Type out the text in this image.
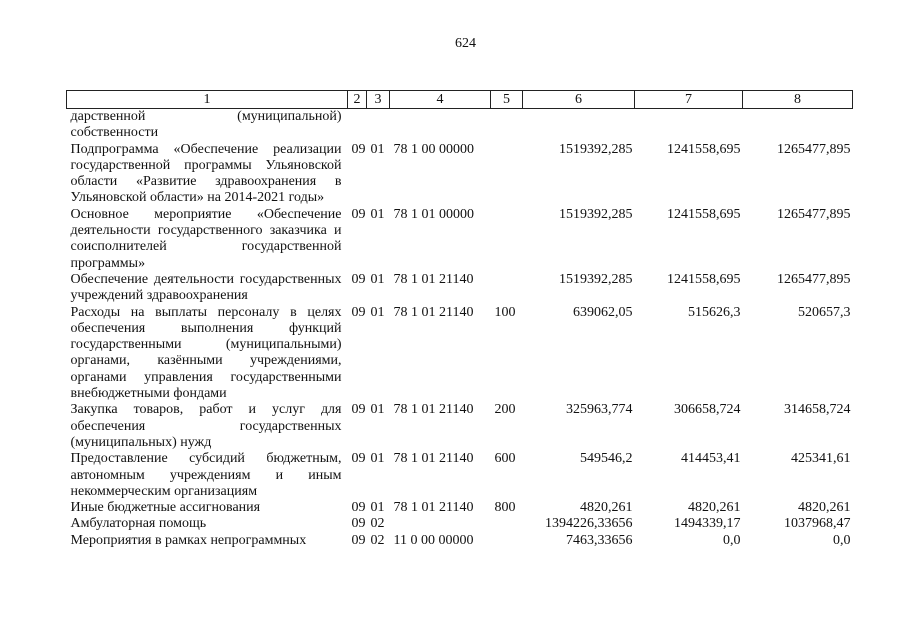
624
1	2	3	4	5	6	7	8
дарственной (муниципальной) собственности							
Подпрограмма «Обеспечение реализации государственной программы Ульяновской области «Развитие здравоохранения в Ульяновской области» на 2014-2021 годы»	09	01	78 1 00 00000		1519392,285	1241558,695	1265477,895
Основное мероприятие «Обеспечение деятельности государственного заказчика и соисполнителей государственной программы»	09	01	78 1 01 00000		1519392,285	1241558,695	1265477,895
Обеспечение деятельности государственных учреждений здравоохранения	09	01	78 1 01 21140		1519392,285	1241558,695	1265477,895
Расходы на выплаты персоналу в целях обеспечения выполнения функций государственными (муниципальными) органами, казёнными учреждениями, органами управления государственными внебюджетными фондами	09	01	78 1 01 21140	100	639062,05	515626,3	520657,3
Закупка товаров, работ и услуг для обеспечения государственных (муниципальных) нужд	09	01	78 1 01 21140	200	325963,774	306658,724	314658,724
Предоставление субсидий бюджетным, автономным учреждениям и иным некоммерческим организациям	09	01	78 1 01 21140	600	549546,2	414453,41	425341,61
Иные бюджетные ассигнования	09	01	78 1 01 21140	800	4820,261	4820,261	4820,261
Амбулаторная помощь	09	02			1394226,33656	1494339,17	1037968,47
Мероприятия в рамках непрограммных	09	02	11 0 00 00000		7463,33656	0,0	0,0
